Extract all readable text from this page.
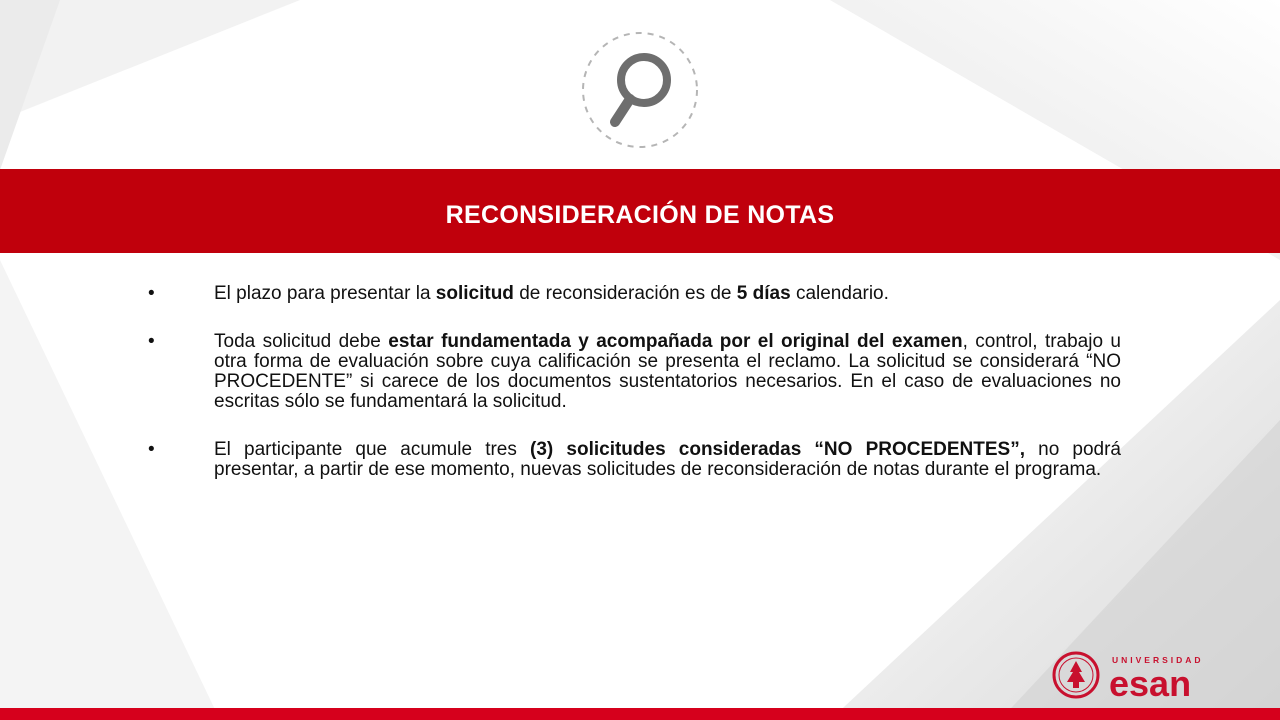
RECONSIDERACIÓN DE NOTAS
•	El plazo para presentar la solicitud de reconsideración es de 5 días calendario.
•	Toda solicitud debe estar fundamentada y acompañada por el original del examen, control, trabajo u otra forma de evaluación sobre cuya calificación se presenta el reclamo. La solicitud se considerará “NO PROCEDENTE” si carece de los documentos sustentatorios necesarios. En el caso de evaluaciones no escritas sólo se fundamentará la solicitud.
•	El participante que acumule tres (3) solicitudes consideradas “NO PROCEDENTES”, no podrá presentar, a partir de ese momento, nuevas solicitudes de reconsideración de notas durante el programa.
UNIVERSIDAD
esan
